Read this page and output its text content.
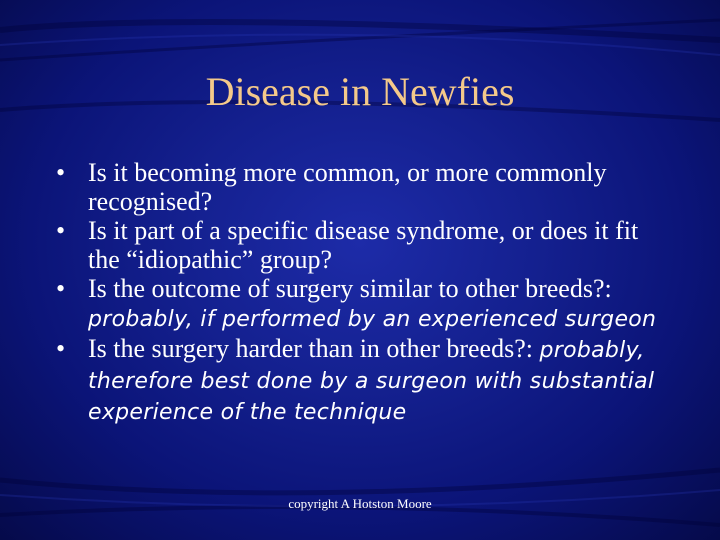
Disease in Newfies
• Is it becoming more common, or more commonly recognised?
• Is it part of a specific disease syndrome, or does it fit the “idiopathic” group?
• Is the outcome of surgery similar to other breeds?: probably, if performed by an experienced surgeon
• Is the surgery harder than in other breeds?: probably, therefore best done by a surgeon with substantial experience of the technique
copyright A Hotston Moore
